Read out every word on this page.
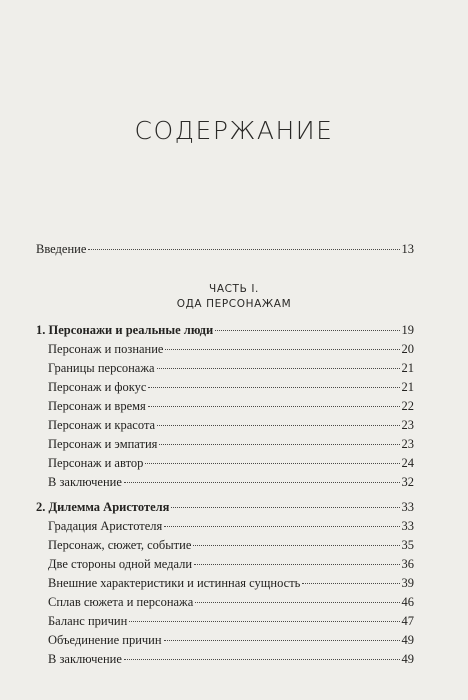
СОДЕРЖАНИЕ
Введение	13
ЧАСТЬ I.
ОДА ПЕРСОНАЖАМ
1. Персонажи и реальные люди	19
Персонаж и познание	20
Границы персонажа	21
Персонаж и фокус	21
Персонаж и время	22
Персонаж и красота	23
Персонаж и эмпатия	23
Персонаж и автор	24
В заключение	32
2. Дилемма Аристотеля	33
Градация Аристотеля	33
Персонаж, сюжет, событие	35
Две стороны одной медали	36
Внешние характеристики и истинная сущность	39
Сплав сюжета и персонажа	46
Баланс причин	47
Объединение причин	49
В заключение	49
